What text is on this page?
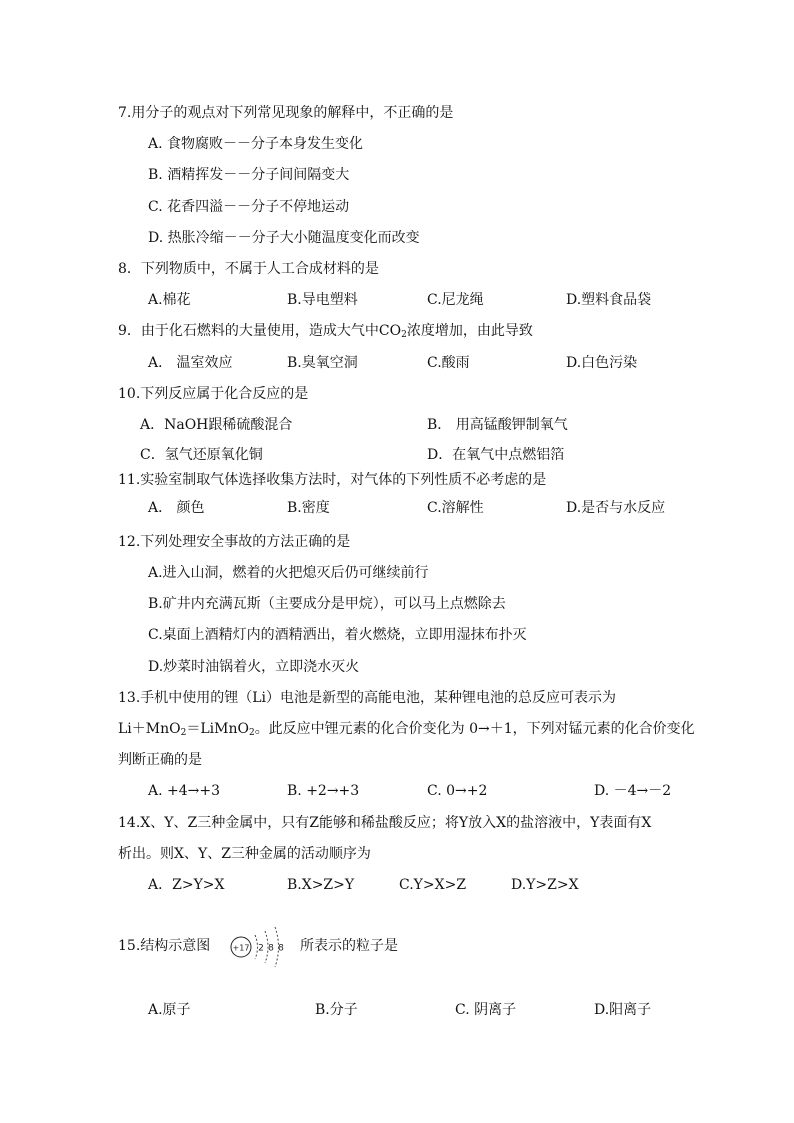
7.用分子的观点对下列常见现象的解释中，不正确的是
A. 食物腐败－－分子本身发生变化
B. 酒精挥发－－分子间间隔变大
C. 花香四溢－－分子不停地运动
D. 热胀冷缩－－分子大小随温度变化而改变
8．下列物质中，不属于人工合成材料的是
A.棉花	B.导电塑料	C.尼龙绳	D.塑料食品袋
9．由于化石燃料的大量使用，造成大气中$CO_2$浓度增加，由此导致
A． 温室效应	B.臭氧空洞	C.酸雨	D.白色污染
10.下列反应属于化合反应的是
A．NaOH跟稀硫酸混合	B． 用高锰酸钾制氧气
C．氢气还原氧化铜	D．在氧气中点燃铝箔
11.实验室制取气体选择收集方法时，对气体的下列性质不必考虑的是
A． 颜色	B.密度	C.溶解性	D.是否与水反应
12.下列处理安全事故的方法正确的是
A.进入山洞，燃着的火把熄灭后仍可继续前行
B.矿井内充满瓦斯（主要成分是甲烷），可以马上点燃除去
C.桌面上酒精灯内的酒精洒出，着火燃烧，立即用湿抹布扑灭
D.炒菜时油锅着火，立即浇水灭火
13.手机中使用的锂（Li）电池是新型的高能电池，某种锂电池的总反应可表示为
Li＋MnO$_2$＝LiMnO$_2$。此反应中锂元素的化合价变化为 0→＋1，下列对锰元素的化合价变化
判断正确的是
A. +4→+3	B. +2→+3	C. 0→+2	D. －4→－2
14.X、Y、Z三种金属中，只有Z能够和稀盐酸反应；将Y放入X的盐溶液中，Y表面有X
析出。则X、Y、Z三种金属的活动顺序为
A．Z>Y>X	B.X>Z>Y	C.Y>X>Z	D.Y>Z>X
15.结构示意图	+17 2 8 8 所表示的粒子是
A.原子	B.分子	C. 阴离子	D.阳离子
